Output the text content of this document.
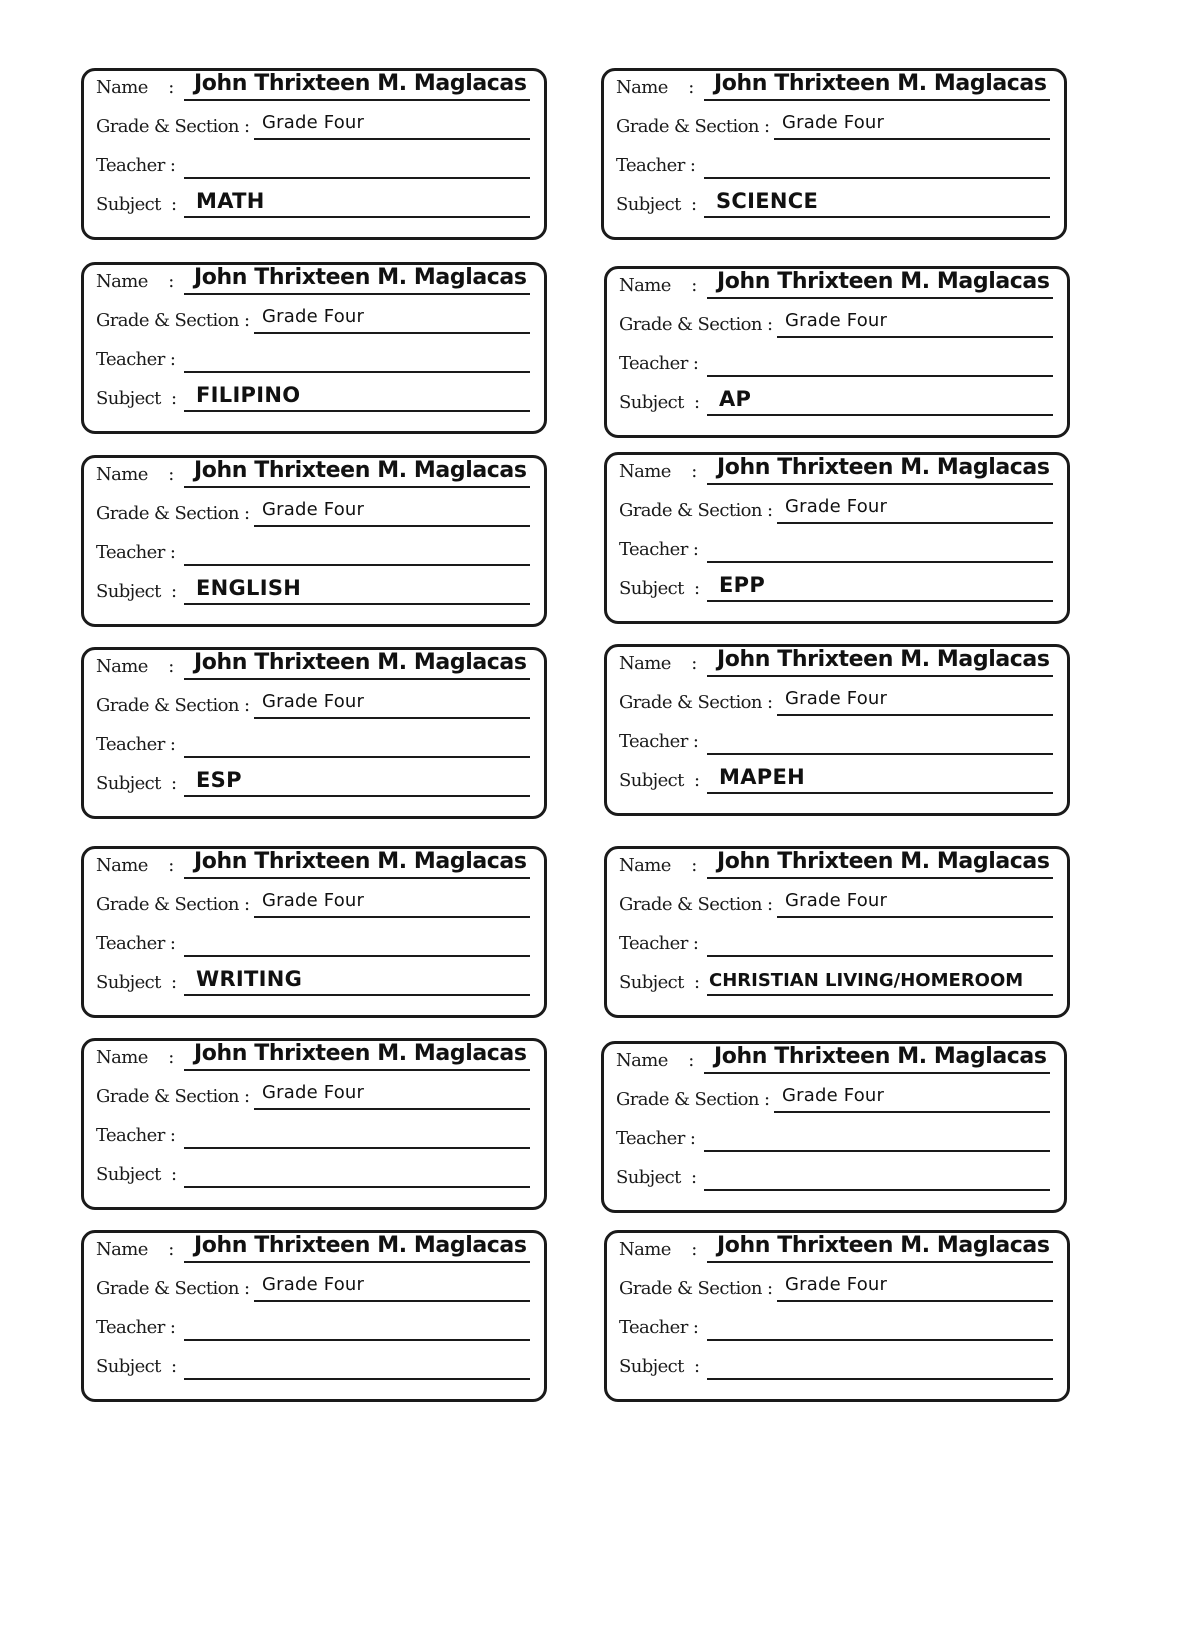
Name    : John Thrixteen M. Maglacas
Grade & Section : Grade Four
Teacher :
Subject  : MATH
Name    : John Thrixteen M. Maglacas
Grade & Section : Grade Four
Teacher :
Subject  : SCIENCE
Name    : John Thrixteen M. Maglacas
Grade & Section : Grade Four
Teacher :
Subject  : FILIPINO
Name    : John Thrixteen M. Maglacas
Grade & Section : Grade Four
Teacher :
Subject  : AP
Name    : John Thrixteen M. Maglacas
Grade & Section : Grade Four
Teacher :
Subject  : ENGLISH
Name    : John Thrixteen M. Maglacas
Grade & Section : Grade Four
Teacher :
Subject  : EPP
Name    : John Thrixteen M. Maglacas
Grade & Section : Grade Four
Teacher :
Subject  : ESP
Name    : John Thrixteen M. Maglacas
Grade & Section : Grade Four
Teacher :
Subject  : MAPEH
Name    : John Thrixteen M. Maglacas
Grade & Section : Grade Four
Teacher :
Subject  : WRITING
Name    : John Thrixteen M. Maglacas
Grade & Section : Grade Four
Teacher :
Subject  : CHRISTIAN LIVING/HOMEROOM
Name    : John Thrixteen M. Maglacas
Grade & Section : Grade Four
Teacher :
Subject  :
Name    : John Thrixteen M. Maglacas
Grade & Section : Grade Four
Teacher :
Subject  :
Name    : John Thrixteen M. Maglacas
Grade & Section : Grade Four
Teacher :
Subject  :
Name    : John Thrixteen M. Maglacas
Grade & Section : Grade Four
Teacher :
Subject  :
